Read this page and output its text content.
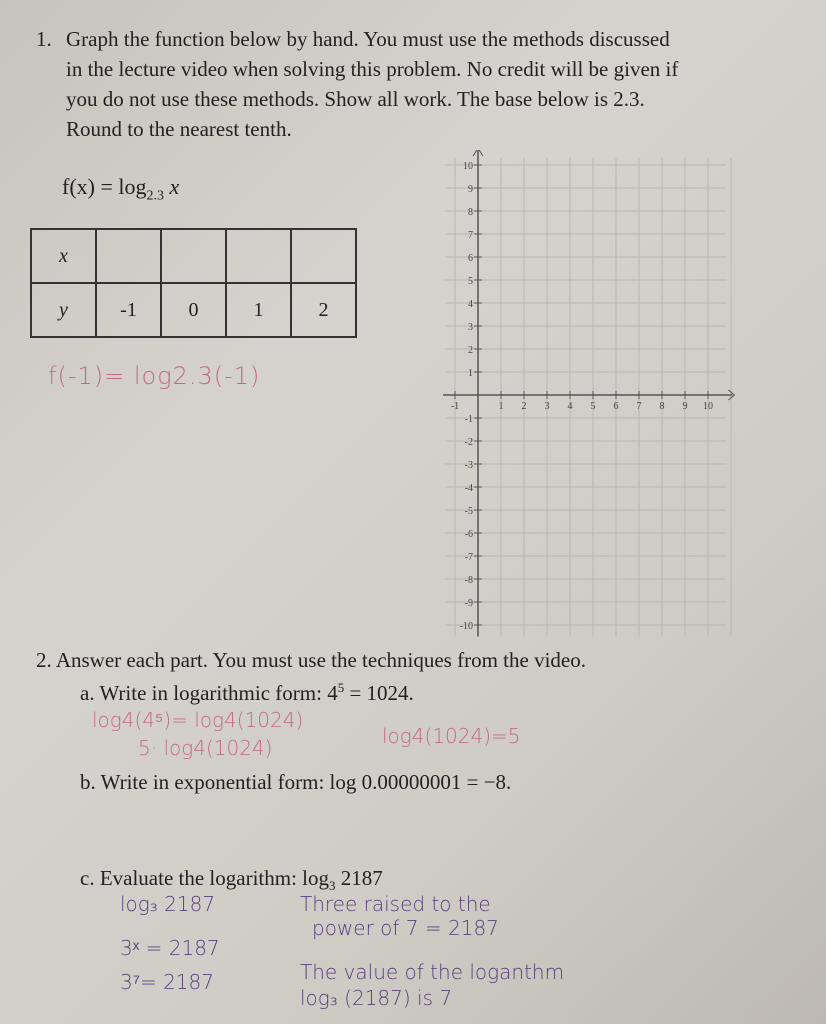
1. Graph the function below by hand. You must use the methods discussed
in the lecture video when solving this problem. No credit will be given if
you do not use these methods. Show all work. The base below is 2.3.
Round to the nearest tenth.
$f(x) = \log_{2.3} x$
x				
y	-1	0	1	2
f(-1)= log2.3(-1)
-1	1 2 3 4 5 6 7 8 9 10
10
9
8
7
6
5
4
3
2
1
-1
-2
-3
-4
-5
-6
-7
-8
-9
-10
2. Answer each part. You must use the techniques from the video.
a. Write in logarithmic form: $4^5 = 1024$.
log4(4⁵)= log4(1024)
5· log4(1024)	log4(1024)=5
b. Write in exponential form: log 0.00000001 = −8.
c. Evaluate the logarithm: $\log_3 2187$
log₃ 2187	Three raised to the
power of 7 = 2187
3ˣ = 2187
3⁷= 2187	The value of the loganthm
log₃ (2187) is 7
